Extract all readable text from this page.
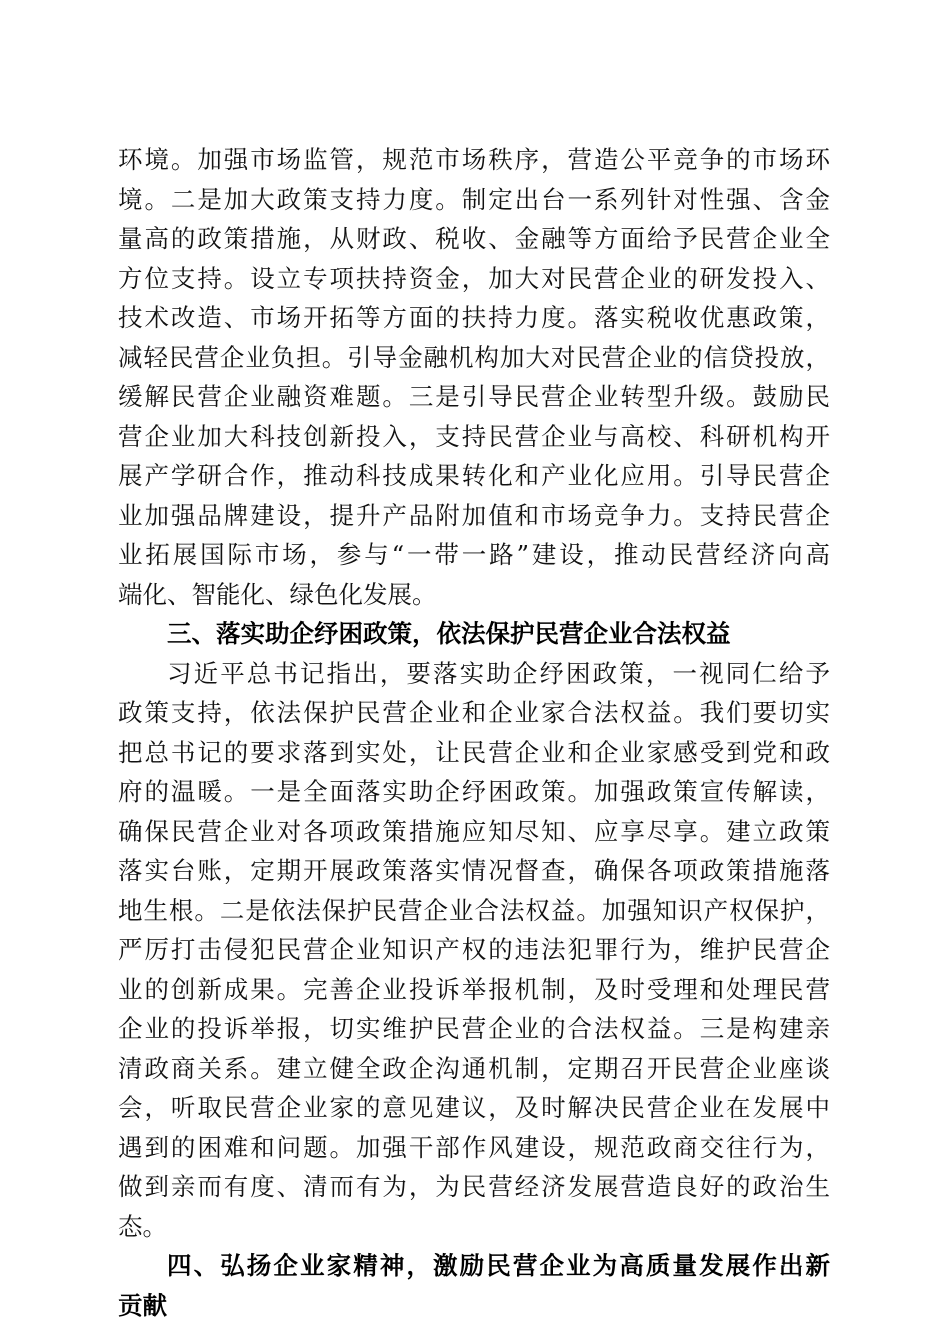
环境。加强市场监管，规范市场秩序，营造公平竞争的市场环
境。二是加大政策支持力度。制定出台一系列针对性强、含金
量高的政策措施，从财政、税收、金融等方面给予民营企业全
方位支持。设立专项扶持资金，加大对民营企业的研发投入、
技术改造、市场开拓等方面的扶持力度。落实税收优惠政策，
减轻民营企业负担。引导金融机构加大对民营企业的信贷投放，
缓解民营企业融资难题。三是引导民营企业转型升级。鼓励民
营企业加大科技创新投入，支持民营企业与高校、科研机构开
展产学研合作，推动科技成果转化和产业化应用。引导民营企
业加强品牌建设，提升产品附加值和市场竞争力。支持民营企
业拓展国际市场，参与“一带一路”建设，推动民营经济向高
端化、智能化、绿色化发展。
三、落实助企纾困政策，依法保护民营企业合法权益
习近平总书记指出，要落实助企纾困政策，一视同仁给予
政策支持，依法保护民营企业和企业家合法权益。我们要切实
把总书记的要求落到实处，让民营企业和企业家感受到党和政
府的温暖。一是全面落实助企纾困政策。加强政策宣传解读，
确保民营企业对各项政策措施应知尽知、应享尽享。建立政策
落实台账，定期开展政策落实情况督查，确保各项政策措施落
地生根。二是依法保护民营企业合法权益。加强知识产权保护，
严厉打击侵犯民营企业知识产权的违法犯罪行为，维护民营企
业的创新成果。完善企业投诉举报机制，及时受理和处理民营
企业的投诉举报，切实维护民营企业的合法权益。三是构建亲
清政商关系。建立健全政企沟通机制，定期召开民营企业座谈
会，听取民营企业家的意见建议，及时解决民营企业在发展中
遇到的困难和问题。加强干部作风建设，规范政商交往行为，
做到亲而有度、清而有为，为民营经济发展营造良好的政治生
态。
四、弘扬企业家精神，激励民营企业为高质量发展作出新
贡献
